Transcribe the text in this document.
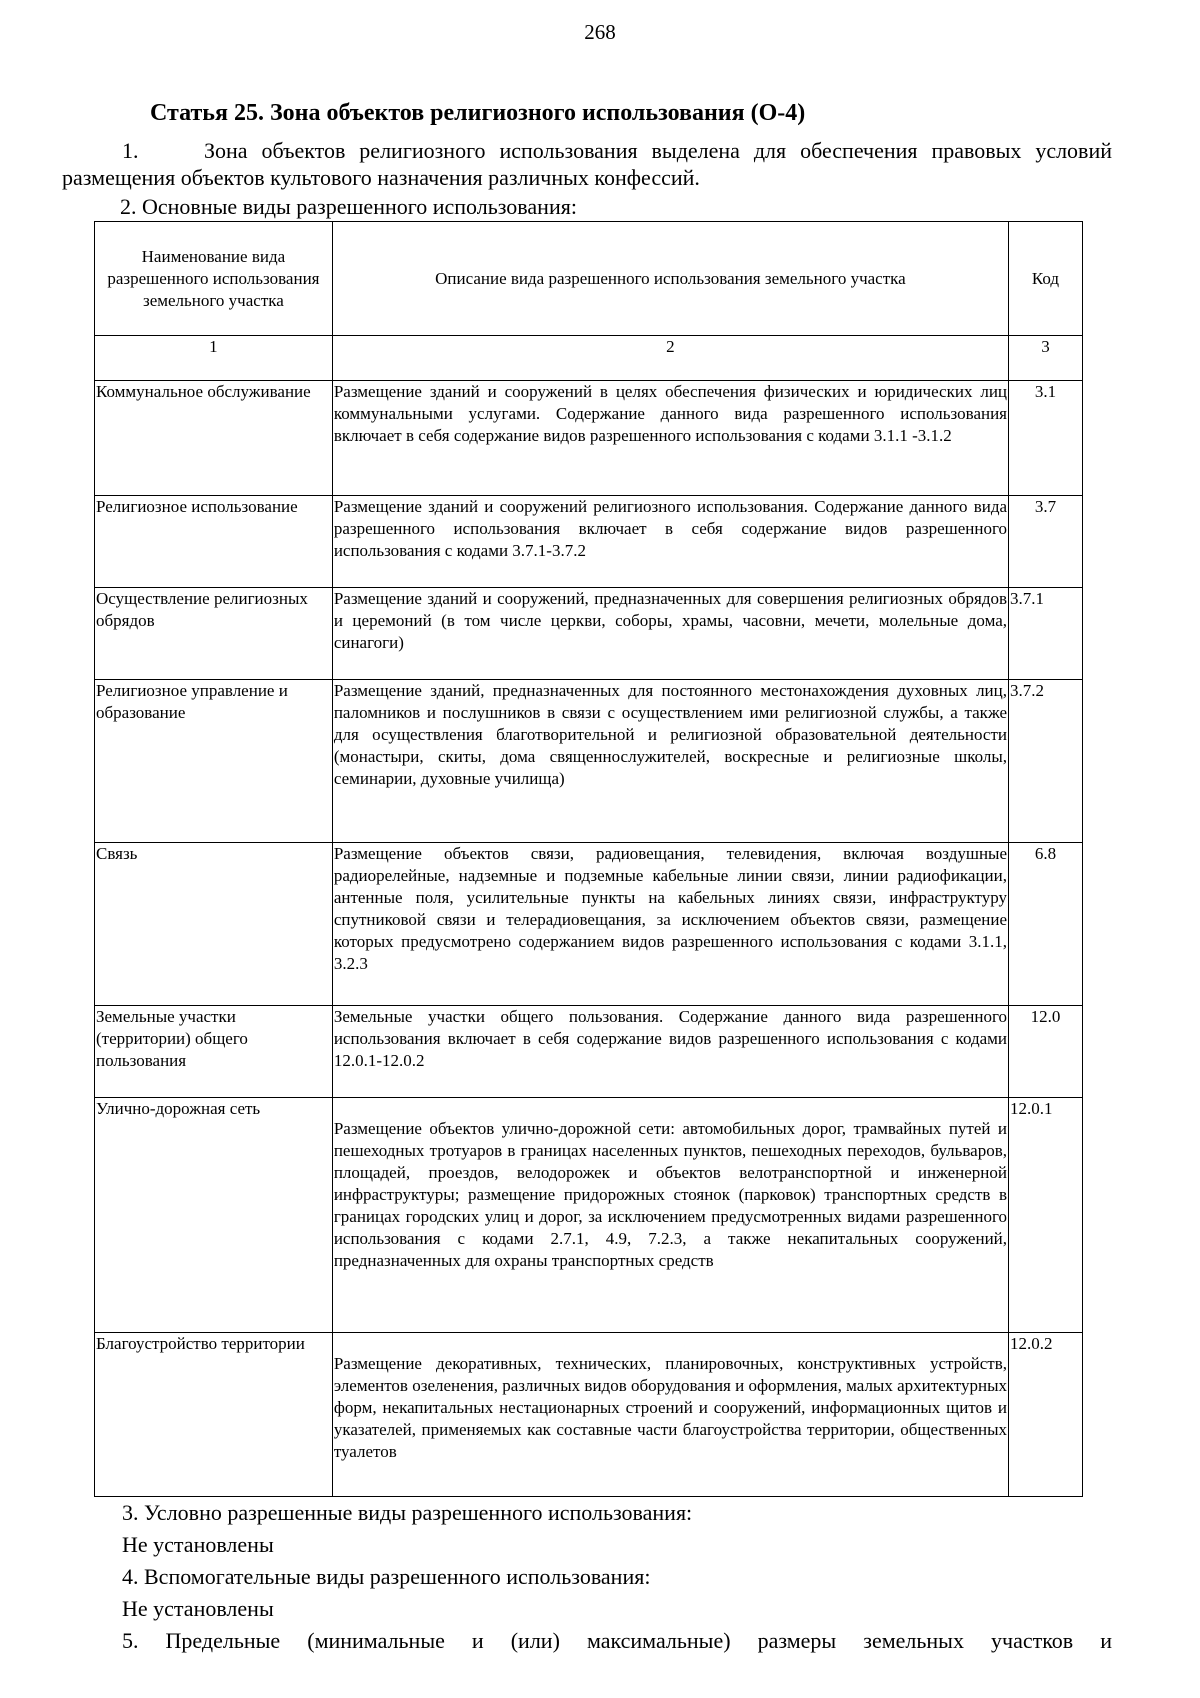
268
Статья 25. Зона объектов религиозного использования (О-4)

1.	Зона объектов религиозного использования выделена для обеспечения правовых условий размещения объектов культового назначения различных конфессий.

2. Основные виды разрешенного использования:

Наименование вида разрешенного использования земельного участка	Описание вида разрешенного использования земельного участка	Код
1	2	3
Коммунальное обслуживание	Размещение зданий и сооружений в целях обеспечения физических и юридических лиц коммунальными услугами. Содержание данного вида разрешенного использования включает в себя содержание видов разрешенного использования с кодами 3.1.1 -3.1.2	3.1
Религиозное использование	Размещение зданий и сооружений религиозного использования. Содержание данного вида разрешенного использования включает в себя содержание видов разрешенного использования с кодами 3.7.1-3.7.2	3.7
Осуществление религиозных обрядов	Размещение зданий и сооружений, предназначенных для совершения религиозных обрядов и церемоний (в том числе церкви, соборы, храмы, часовни, мечети, молельные дома, синагоги)	3.7.1
Религиозное управление и образование	Размещение зданий, предназначенных для постоянного местонахождения духовных лиц, паломников и послушников в связи с осуществлением ими религиозной службы, а также для осуществления благотворительной и религиозной образовательной деятельности (монастыри, скиты, дома священнослужителей, воскресные и религиозные школы, семинарии, духовные училища)	3.7.2
Связь	Размещение объектов связи, радиовещания, телевидения, включая воздушные радиорелейные, надземные и подземные кабельные линии связи, линии радиофикации, антенные поля, усилительные пункты на кабельных линиях связи, инфраструктуру спутниковой связи и телерадиовещания, за исключением объектов связи, размещение которых предусмотрено содержанием видов разрешенного использования с кодами 3.1.1, 3.2.3	6.8
Земельные участки (территории) общего пользования	Земельные участки общего пользования. Содержание данного вида разрешенного использования включает в себя содержание видов разрешенного использования с кодами 12.0.1-12.0.2	12.0
Улично-дорожная сеть	Размещение объектов улично-дорожной сети: автомобильных дорог, трамвайных путей и пешеходных тротуаров в границах населенных пунктов, пешеходных переходов, бульваров, площадей, проездов, велодорожек и объектов велотранспортной и инженерной инфраструктуры; размещение придорожных стоянок (парковок) транспортных средств в границах городских улиц и дорог, за исключением предусмотренных видами разрешенного использования с кодами 2.7.1, 4.9, 7.2.3, а также некапитальных сооружений, предназначенных для охраны транспортных средств	12.0.1
Благоустройство территории	Размещение декоративных, технических, планировочных, конструктивных устройств, элементов озеленения, различных видов оборудования и оформления, малых архитектурных форм, некапитальных нестационарных строений и сооружений, информационных щитов и указателей, применяемых как составные части благоустройства территории, общественных туалетов	12.0.2

3. Условно разрешенные виды разрешенного использования:

Не установлены

4. Вспомогательные виды разрешенного использования:

Не установлены

5. Предельные (минимальные и (или) максимальные) размеры земельных участков и
